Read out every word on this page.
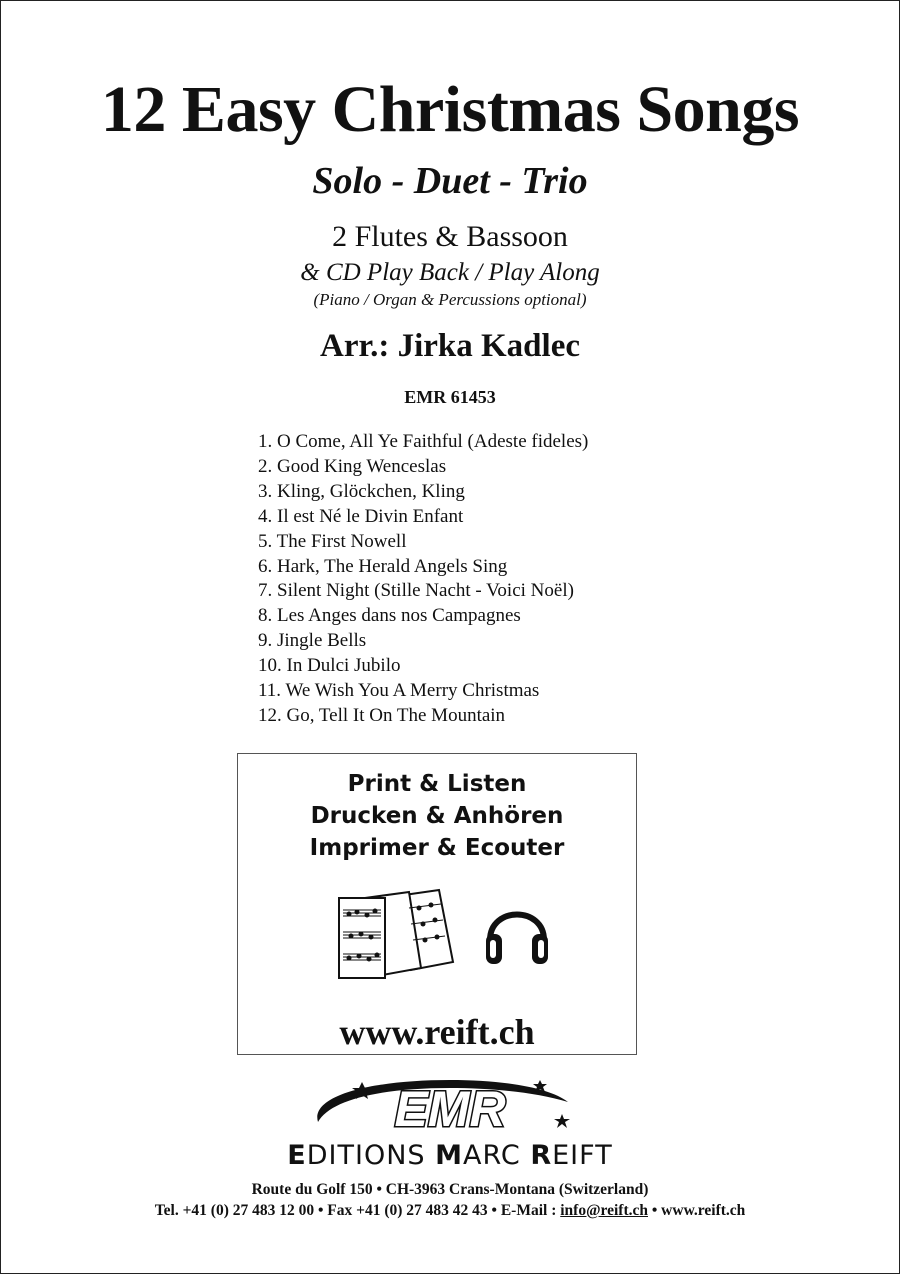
12 Easy Christmas Songs
Solo - Duet - Trio
2 Flutes & Bassoon
& CD Play Back / Play Along
(Piano / Organ & Percussions optional)
Arr.: Jirka Kadlec
EMR 61453
1. O Come, All Ye Faithful (Adeste fideles)
2. Good King Wenceslas
3. Kling, Glöckchen, Kling
4. Il est Né le Divin Enfant
5. The First Nowell
6. Hark, The Herald Angels Sing
7. Silent Night (Stille Nacht - Voici Noël)
8. Les Anges dans nos Campagnes
9. Jingle Bells
10. In Dulci Jubilo
11. We Wish You A Merry Christmas
12. Go, Tell It On The Mountain
Print & Listen
Drucken & Anhören
Imprimer & Ecouter
www.reift.ch
EMR
EDITIONS MARC REIFT
Route du Golf 150 • CH-3963 Crans-Montana (Switzerland)
Tel. +41 (0) 27 483 12 00 • Fax +41 (0) 27 483 42 43 • E-Mail : info@reift.ch • www.reift.ch
